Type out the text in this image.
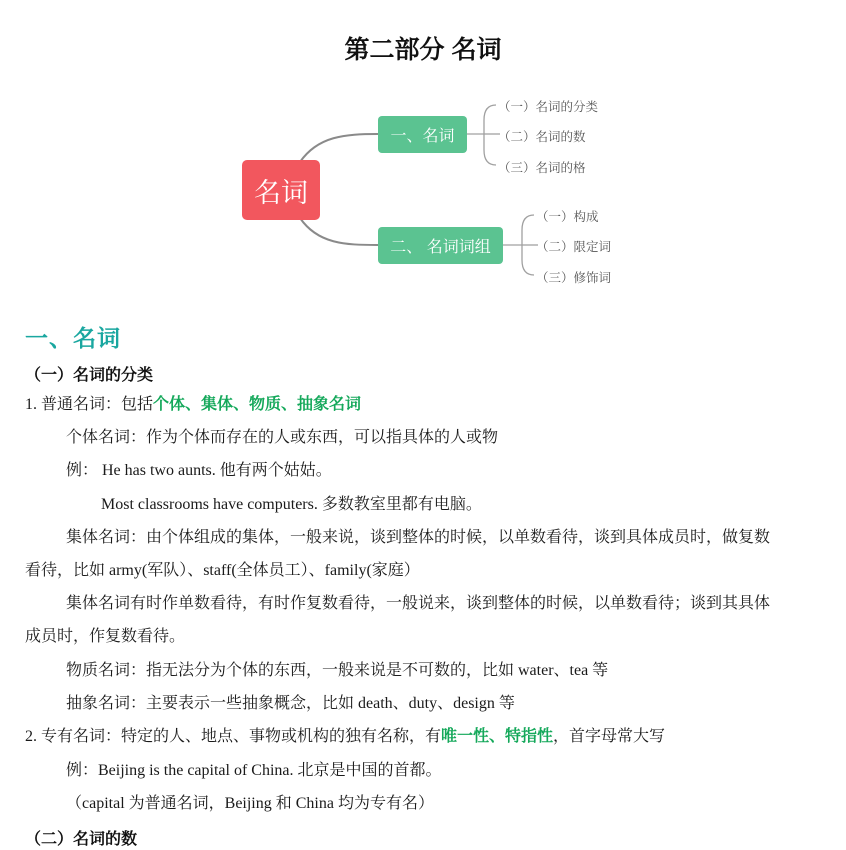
第二部分 名词
名词
一、名词
二、 名词词组
（一）名词的分类
（二）名词的数
（三）名词的格
（一）构成
（二）限定词
（三）修饰词
一、名词
（一）名词的分类
1. 普通名词：包括个体、集体、物质、抽象名词
个体名词：作为个体而存在的人或东西，可以指具体的人或物
例： He has two aunts. 他有两个姑姑。
Most classrooms have computers. 多数教室里都有电脑。
集体名词：由个体组成的集体，一般来说，谈到整体的时候，以单数看待，谈到具体成员时，做复数
看待，比如 army(军队）、staff(全体员工）、family(家庭）
集体名词有时作单数看待，有时作复数看待，一般说来，谈到整体的时候，以单数看待；谈到其具体
成员时，作复数看待。
物质名词：指无法分为个体的东西，一般来说是不可数的，比如 water、tea 等
抽象名词：主要表示一些抽象概念，比如 death、duty、design 等
2. 专有名词：特定的人、地点、事物或机构的独有名称，有唯一性、特指性，首字母常大写
例：Beijing is the capital of China. 北京是中国的首都。
（capital 为普通名词，Beijing 和 China 均为专有名）
（二）名词的数
